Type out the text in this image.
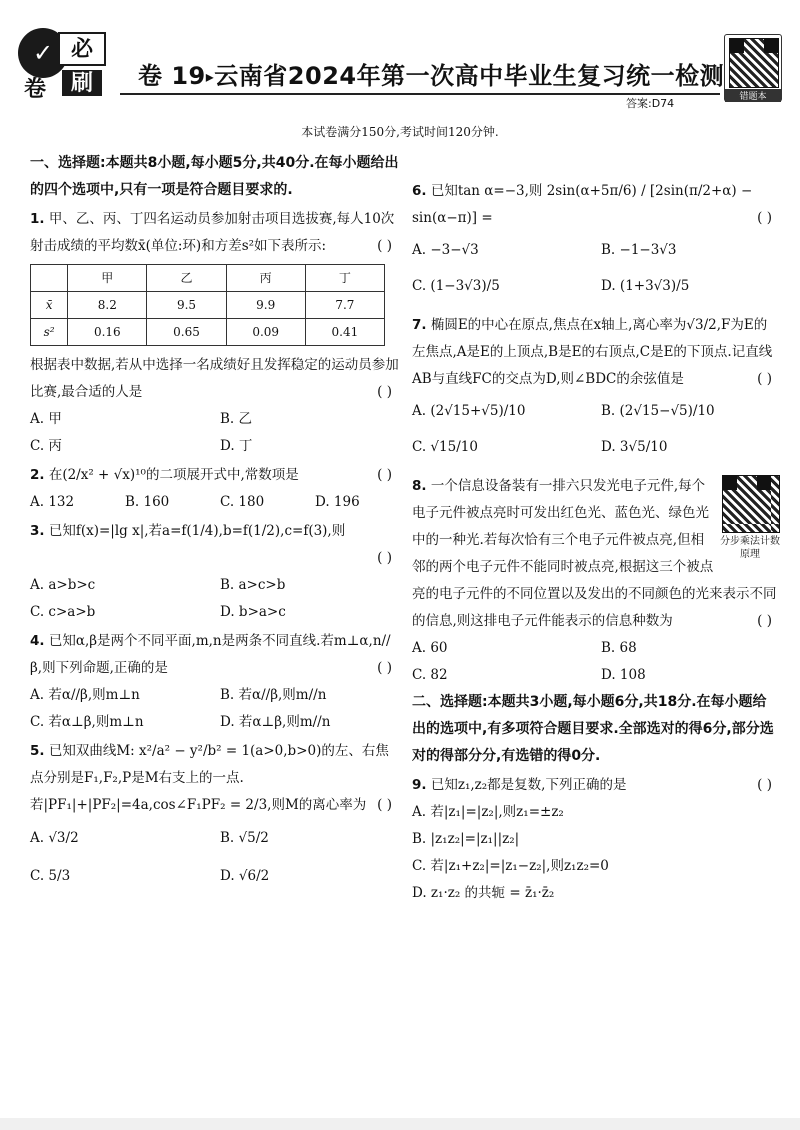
✓ 必
卷	刷	卷 19▸云南省2024年第一次高中毕业生复习统一检测
答案:D74	错题本
本试卷满分150分,考试时间120分钟.
一、选择题:本题共8小题,每小题5分,共40分.在每小题给出的四个选项中,只有一项是符合题目要求的.
1. 甲、乙、丙、丁四名运动员参加射击项目选拔赛,每人10次射击成绩的平均数x̄(单位:环)和方差s²如下表所示:	( )
	甲	乙	丙	丁
x̄	8.2	9.5	9.9	7.7
s²	0.16	0.65	0.09	0.41
根据表中数据,若从中选择一名成绩好且发挥稳定的运动员参加比赛,最合适的人是	( )
A. 甲	B. 乙
C. 丙	D. 丁
2. 在(2/x² + √x)¹⁰的二项展开式中,常数项是	( )
A. 132	B. 160	C. 180	D. 196
3. 已知f(x)=|lg x|,若a=f(1/4),b=f(1/2),c=f(3),则
( )
A. a>b>c	B. a>c>b
C. c>a>b	D. b>a>c
4. 已知α,β是两个不同平面,m,n是两条不同直线.若m⊥α,n//β,则下列命题,正确的是	( )
A. 若α//β,则m⊥n	B. 若α//β,则m//n
C. 若α⊥β,则m⊥n	D. 若α⊥β,则m//n
5. 已知双曲线M: x²/a² − y²/b² = 1(a>0,b>0)的左、右焦点分别是F₁,F₂,P是M右支上的一点.若|PF₁|+|PF₂|=4a,cos∠F₁PF₂ = 2/3,则M的离心率为 ( )
A. √3/2	B. √5/2
C. 5/3	D. √6/2
6. 已知tan α=−3,则 2sin(α+5π/6) / [2sin(π/2+α) − sin(α−π)] =	( )
A. −3−√3	B. −1−3√3
C. (1−3√3)/5	D. (1+3√3)/5
7. 椭圆E的中心在原点,焦点在x轴上,离心率为√3/2,F为E的左焦点,A是E的上顶点,B是E的右顶点,C是E的下顶点.记直线AB与直线FC的交点为D,则∠BDC的余弦值是	( )
A. (2√15+√5)/10	B. (2√15−√5)/10
C. √15/10	D. 3√5/10
分步乘法计数原理
8. 一个信息设备装有一排六只发光电子元件,每个电子元件被点亮时可发出红色光、蓝色光、绿色光中的一种光.若每次恰有三个电子元件被点亮,但相邻的两个电子元件不能同时被点亮,根据这三个被点亮的电子元件的不同位置以及发出的不同颜色的光来表示不同的信息,则这排电子元件能表示的信息种数为	( )
A. 60	B. 68
C. 82	D. 108
二、选择题:本题共3小题,每小题6分,共18分.在每小题给出的选项中,有多项符合题目要求.全部选对的得6分,部分选对的得部分分,有选错的得0分.
9. 已知z₁,z₂都是复数,下列正确的是	( )
A. 若|z₁|=|z₂|,则z₁=±z₂
B. |z₁z₂|=|z₁||z₂|
C. 若|z₁+z₂|=|z₁−z₂|,则z₁z₂=0
D. z₁·z₂ 的共轭 = z̄₁·z̄₂
